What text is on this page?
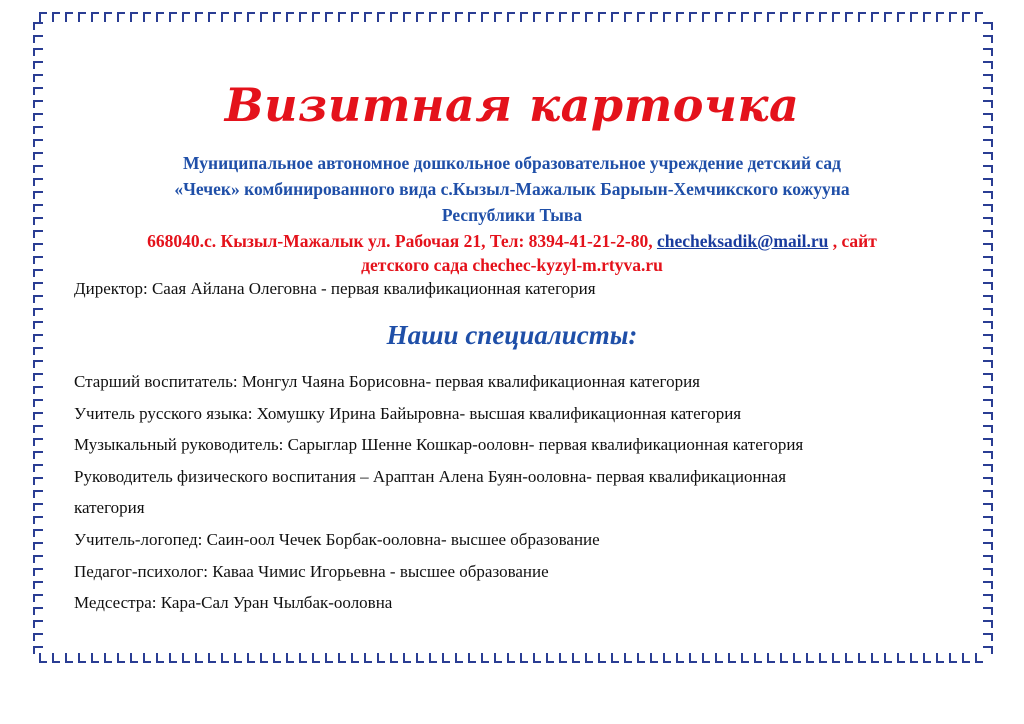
Визитная карточка
Муниципальное автономное дошкольное образовательное учреждение детский сад
«Чечек» комбинированного вида с.Кызыл-Мажалык Барыын-Хемчикского кожууна
Республики Тыва
668040.с. Кызыл-Мажалык ул. Рабочая 21, Тел: 8394-41-21-2-80, checheksadik@mail.ru , сайт
детского сада chechec-kyzyl-m.rtyva.ru
Директор: Саая Айлана Олеговна - первая квалификационная категория
Наши специалисты:
Старший воспитатель: Монгул Чаяна Борисовна- первая квалификационная категория
Учитель русского языка: Хомушку Ирина Байыровна- высшая квалификационная категория
Музыкальный руководитель: Сарыглар Шенне Кошкар-ооловн- первая квалификационная категория
Руководитель физического воспитания – Араптан Алена Буян-ооловна- первая квалификационная
категория
Учитель-логопед: Саин-оол Чечек Борбак-ооловна- высшее образование
Педагог-психолог: Каваа Чимис Игорьевна - высшее образование
Медсестра: Кара-Сал Уран Чылбак-ооловна
